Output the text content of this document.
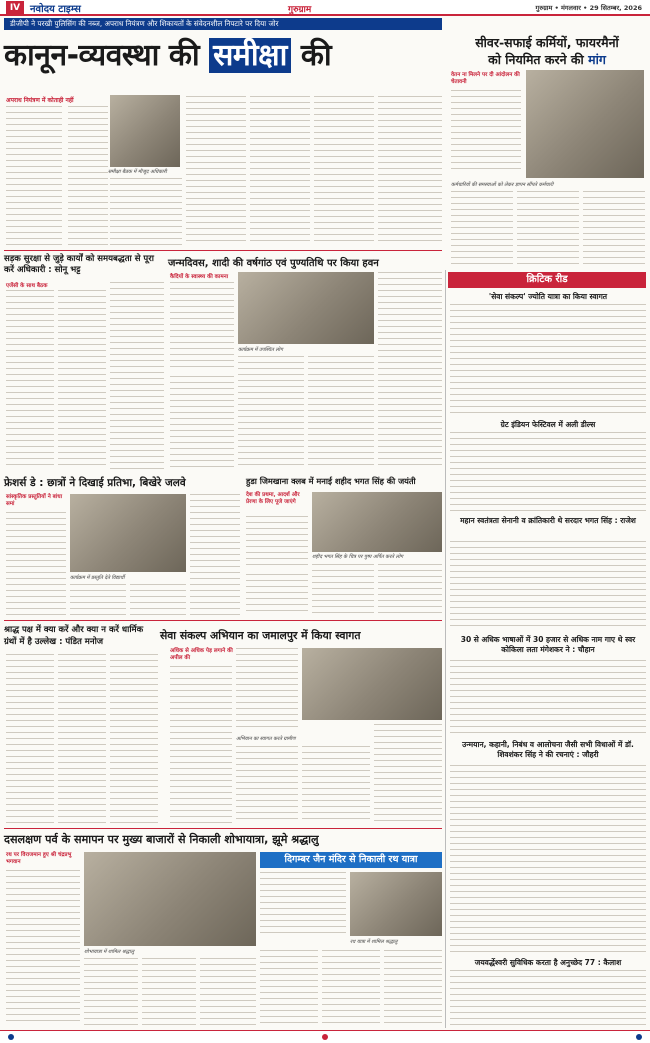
IV नवोदय टाइम्स	गुरुग्राम	गुरुग्राम • मंगलवार • 29 सितम्बर, 2026
डीजीपी ने परखी पुलिसिंग की नब्ज, अपराध नियंत्रण और शिकायतों के संवेदनशील निपटारे पर दिया जोर
कानून-व्यवस्था की समीक्षा की
अपराध नियंत्रण में कोताही नहीं
समीक्षा बैठक में मौजूद अधिकारी
सीवर-सफाई कर्मियों, फायरमैनों
को नियमित करने की मांग
वेतन ना मिलने पर दी आंदोलन की चेतावनी
कर्मचारियों की समस्याओं को लेकर ज्ञापन सौंपते कर्मचारी
सड़क सुरक्षा से जुड़े कार्यों को समयबद्धता से पूरा करें अधिकारी : सोनू भट्ट
एजेंसी के साथ बैठक
जन्मदिवस, शादी की वर्षगांठ एवं पुण्यतिथि पर किया हवन
कैदियों के स्वास्थ्य की कामना
कार्यक्रम में उपस्थित लोग
क्रिटिक रीड
'सेवा संकल्प' ज्योति यात्रा का किया स्वागत
ग्रेट इंडियन फेस्टिवल में अली डील्स
महान स्वतंत्रता सेनानी व क्रांतिकारी थे सरदार भगत सिंह : राजेश
30 से अधिक भाषाओं में 30 हजार से अधिक नाम गाए थे स्वर कोकिला लता मंगेशकर ने : चौहान
उन्मयान, कहानी, निबंध व आलोचना जैसी सभी विधाओं में डॉ. शिवशंकर सिंह ने की रचनाएं : जौहरी
जयवर्द्धेश्वरी सुविधिक करता है अनुच्छेद 77 : कैलाश
फ्रेशर्स डे : छात्रों ने दिखाई प्रतिभा, बिखेरे जलवे
सांस्कृतिक प्रस्तुतियों ने बांधा समां
कार्यक्रम में प्रस्तुति देते विद्यार्थी
हुडा जिमखाना क्लब में मनाई शहीद भगत सिंह की जयंती
देश की प्रथमा, आदर्श और प्रेरणा के लिए पूजे जाएंगे
शहीद भगत सिंह के चित्र पर पुष्प अर्पित करते लोग
श्राद्ध पक्ष में क्या करें और क्या न करें धार्मिक ग्रंथों में है उल्लेख : पंडित मनोज	सेवा संकल्प अभियान का जमालपुर में किया स्वागत
अधिक से अधिक पेड़ लगाने की अपील की
अभियान का स्वागत करते ग्रामीण
दसलक्षण पर्व के समापन पर मुख्य बाजारों से निकाली शोभायात्रा, झूमे श्रद्धालु
रथ पर विराजमान हुए श्री चंद्रप्रभु भगवान
शोभायात्रा में शामिल श्रद्धालु
दिगम्बर जैन मंदिर से निकाली रथ यात्रा
रथ यात्रा में शामिल श्रद्धालु
